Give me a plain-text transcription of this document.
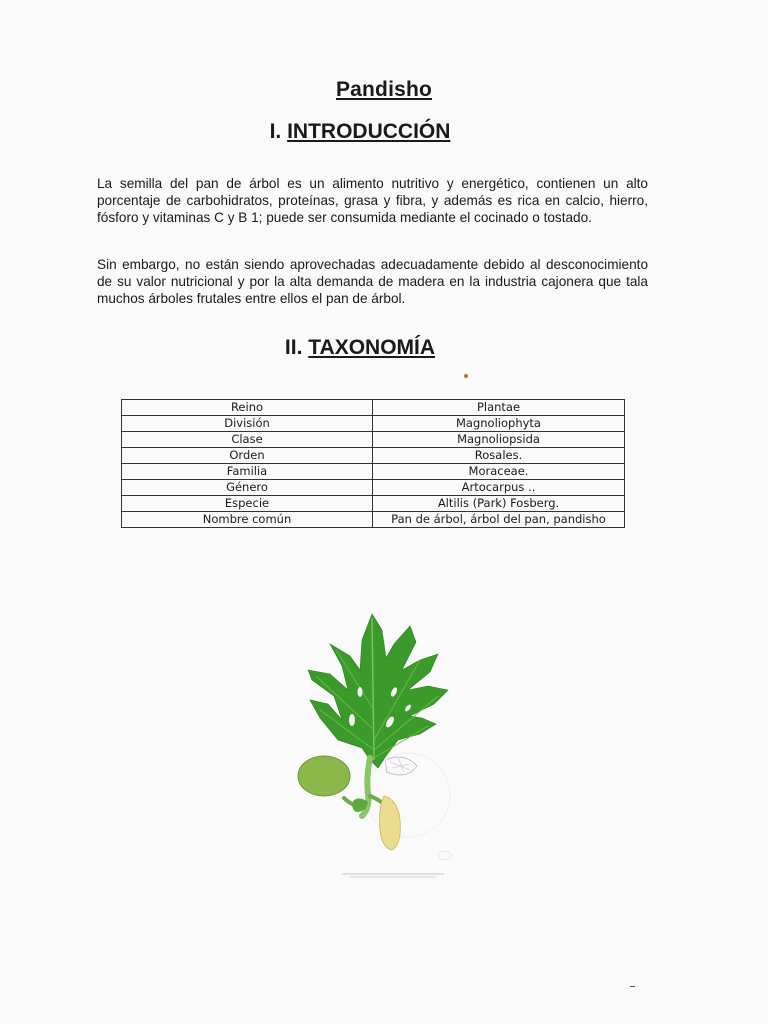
Pandisho
I. INTRODUCCIÓN

La semilla del pan de árbol es un alimento nutritivo y energético, contienen un alto porcentaje de carbohidratos, proteínas, grasa y fibra, y además es rica en calcio, hierro, fósforo y vitaminas C y B 1; puede ser consumida mediante el cocinado o tostado.

Sin embargo, no están siendo aprovechadas adecuadamente debido al desconocimiento de su valor nutricional y por la alta demanda de madera en la industria cajonera que tala muchos árboles frutales entre ellos el pan de árbol.

II. TAXONOMÍA
Reino	Plantae
División	Magnoliophyta
Clase	Magnoliopsida
Orden	Rosales.
Familia	Moraceae.
Género	Artocarpus ..
Especie	Altilis (Park) Fosberg.
Nombre común	Pan de árbol, árbol del pan, pandisho
